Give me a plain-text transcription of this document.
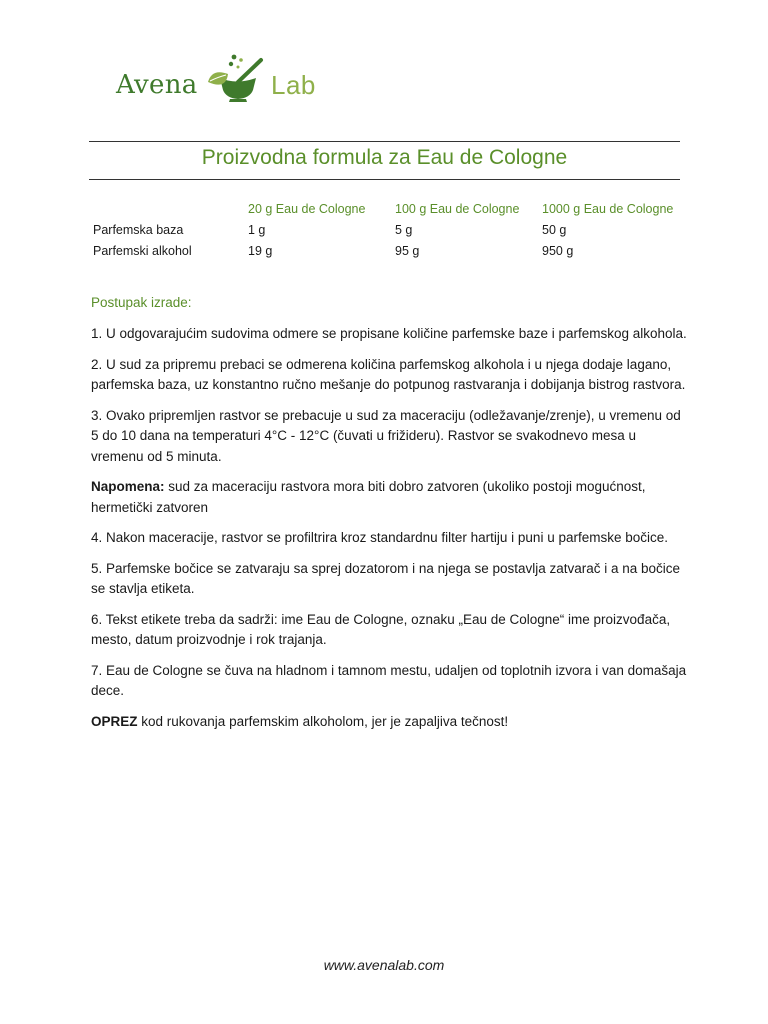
Avena	Lab
Proizvodna formula za Eau de Cologne
	20 g Eau de Cologne	100 g Eau de Cologne	1000 g Eau de Cologne
Parfemska baza	1 g	5 g	50 g
Parfemski alkohol	19 g	95 g	950 g
Postupak izrade:

1. U odgovarajućim sudovima odmere se propisane količine parfemske baze i parfemskog alkohola.

2. U sud za pripremu prebaci se odmerena količina parfemskog alkohola i u njega dodaje lagano, parfemska baza, uz konstantno ručno mešanje do potpunog rastvaranja i dobijanja bistrog rastvora.

3. Ovako pripremljen rastvor se prebacuje u sud za maceraciju (odležavanje/zrenje), u vremenu od 5 do 10 dana na temperaturi 4°C - 12°C (čuvati u frižideru). Rastvor se svakodnevo mesa u vremenu od 5 minuta.

Napomena: sud za maceraciju rastvora mora biti dobro zatvoren (ukoliko postoji mogućnost, hermetički zatvoren

4. Nakon maceracije, rastvor se profiltrira kroz standardnu filter hartiju i puni u parfemske bočice.

5. Parfemske bočice se zatvaraju sa sprej dozatorom i na njega se postavlja zatvarač i a na bočice se stavlja etiketa.

6. Tekst etikete treba da sadrži: ime Eau de Cologne, oznaku „Eau de Cologne“ ime proizvođača, mesto, datum proizvodnje i rok trajanja.

7. Eau de Cologne se čuva na hladnom i tamnom mestu, udaljen od toplotnih izvora i van domašaja dece.

OPREZ kod rukovanja parfemskim alkoholom, jer je zapaljiva tečnost!

www.avenalab.com
